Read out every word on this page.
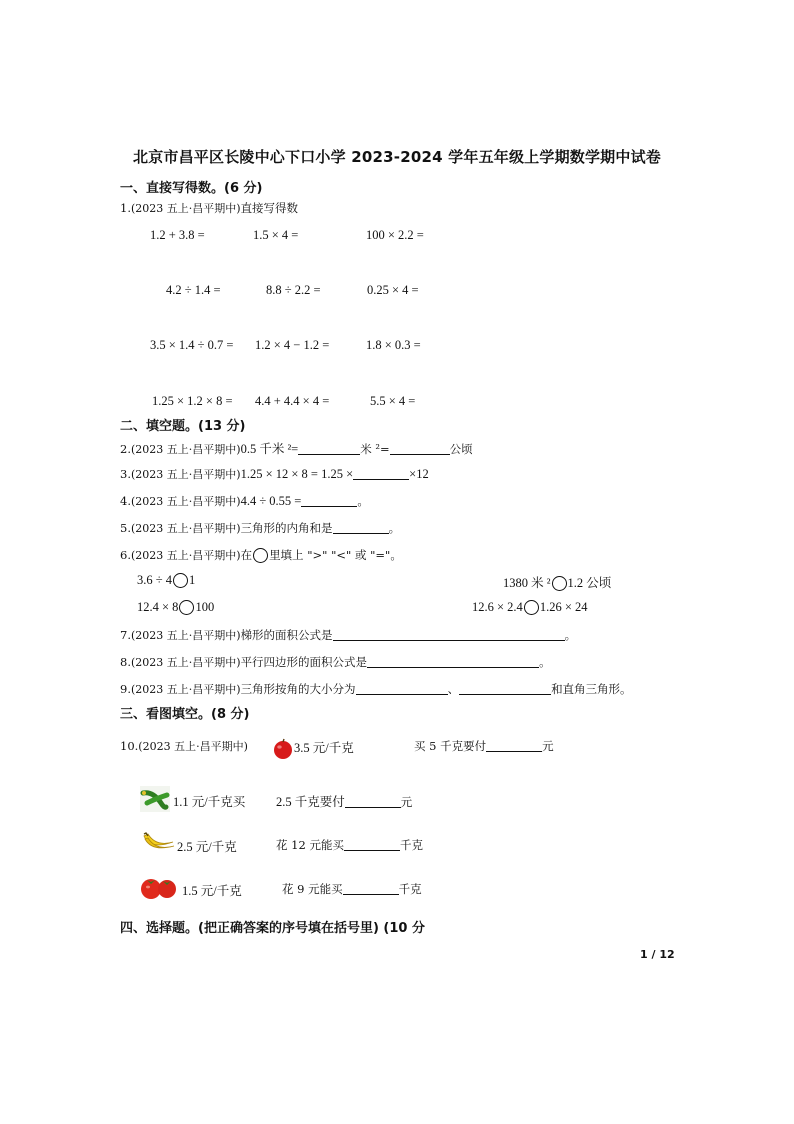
北京市昌平区长陵中心下口小学 2023-2024 学年五年级上学期数学期中试卷
一、直接写得数。(6 分)
1.(2023 五上·昌平期中)直接写得数
1.2 + 3.8 =	1.5 × 4 =	100 × 2.2 =
4.2 ÷ 1.4 =	8.8 ÷ 2.2 =	0.25 × 4 =
3.5 × 1.4 ÷ 0.7 = 1.2 × 4 − 1.2 =	1.8 × 0.3 =
1.25 × 1.2 × 8 = 4.4 + 4.4 × 4 =	5.5 × 4 =
二、填空题。(13 分)
2.(2023 五上·昌平期中)0.5 千米 ²=	米 ²=	公顷
3.(2023 五上·昌平期中)1.25 × 12 × 8 = 1.25 ×	×12
4.(2023 五上·昌平期中)4.4 ÷ 0.55 =	。
5.(2023 五上·昌平期中)三角形的内角和是	。
6.(2023 五上·昌平期中)在 里填上 ">" "<" 或 "="。
3.6 ÷ 4 1	1380 米 ² 1.2 公顷
12.4 × 8 100	12.6 × 2.4 1.26 × 24
7.(2023 五上·昌平期中)梯形的面积公式是	。
8.(2023 五上·昌平期中)平行四边形的面积公式是	。
9.(2023 五上·昌平期中)三角形按角的大小分为	、	和直角三角形。
三、看图填空。(8 分)
10.(2023 五上·昌平期中)	3.5 元/千克	买 5 千克要付	元
1.1 元/千克买 2.5 千克要付	元
2.5 元/千克	花 12 元能买	千克
1.5 元/千克	花 9 元能买	千克
四、选择题。(把正确答案的序号填在括号里) (10 分
1 / 12
